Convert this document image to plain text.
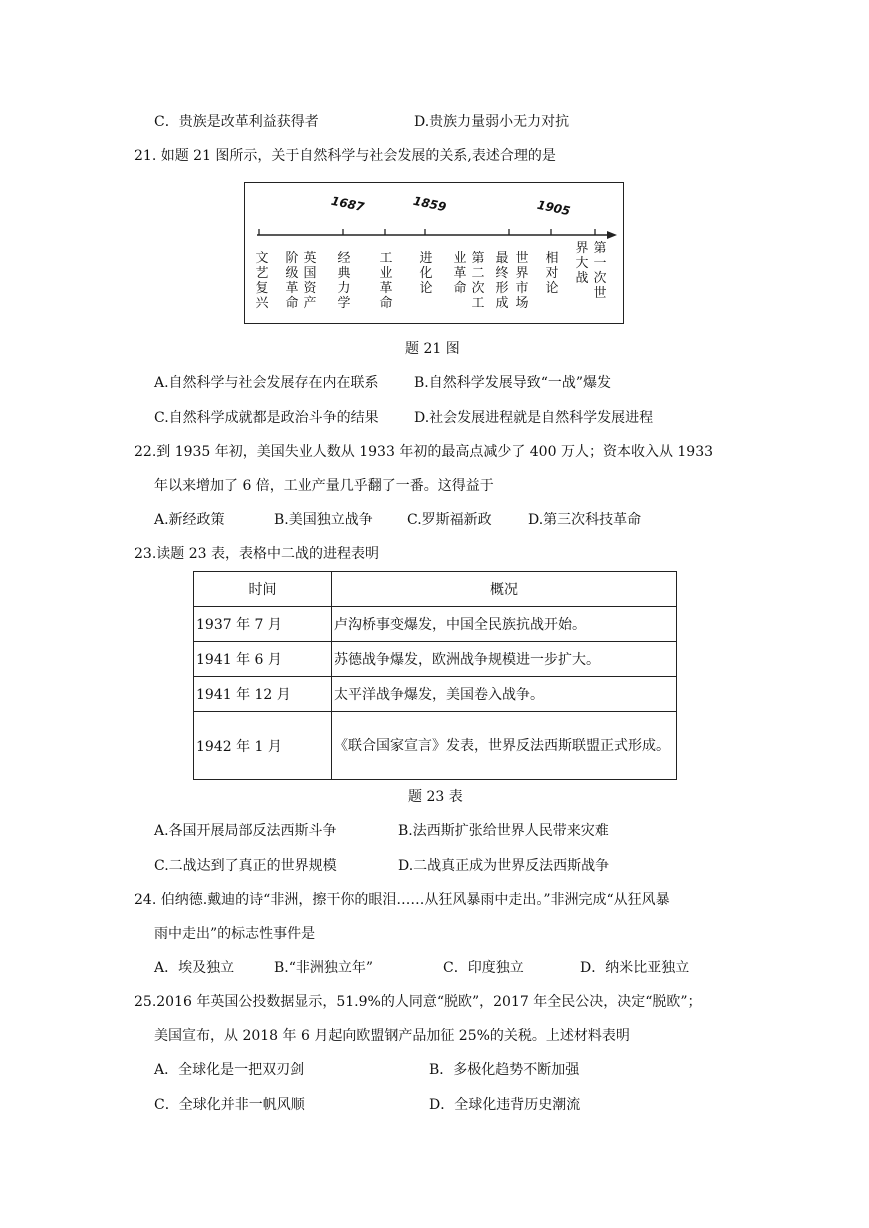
C．贵族是改革利益获得者	D.贵族力量弱小无力对抗
21. 如题 21 图所示，关于自然科学与社会发展的关系,表述合理的是
1687	1859	1905
文艺复兴
阶级革命
英国资产
经典力学
工业革命
进化论
业革命
第二次工
最终形成
世界市场
相对论
界大战
第一次世
题 21 图
A.自然科学与社会发展存在内在联系	B.自然科学发展导致“一战”爆发
C.自然科学成就都是政治斗争的结果	D.社会发展进程就是自然科学发展进程
22.到 1935 年初，美国失业人数从 1933 年初的最高点减少了 400 万人；资本收入从 1933
年以来增加了 6 倍，工业产量几乎翻了一番。这得益于
A.新经政策	B.美国独立战争 C.罗斯福新政	D.第三次科技革命
23.读题 23 表，表格中二战的进程表明
时间	概况
1937 年 7 月	卢沟桥事变爆发，中国全民族抗战开始。
1941 年 6 月	苏德战争爆发，欧洲战争规模进一步扩大。
1941 年 12 月	太平洋战争爆发，美国卷入战争。
1942 年 1 月	《联合国家宣言》发表，世界反法西斯联盟正式形成。
题 23 表
A.各国开展局部反法西斯斗争	B.法西斯扩张给世界人民带来灾难
C.二战达到了真正的世界规模	D.二战真正成为世界反法西斯战争
24. 伯纳德.戴迪的诗“非洲，擦干你的眼泪……从狂风暴雨中走出。”非洲完成“从狂风暴
雨中走出”的标志性事件是
A．埃及独立	B.“非洲独立年”	C．印度独立	D．纳米比亚独立
25.2016 年英国公投数据显示，51.9%的人同意“脱欧”，2017 年全民公决，决定“脱欧”；
美国宣布，从 2018 年 6 月起向欧盟钢产品加征 25%的关税。上述材料表明
A．全球化是一把双刃剑	B．多极化趋势不断加强
C．全球化并非一帆风顺	D．全球化违背历史潮流
